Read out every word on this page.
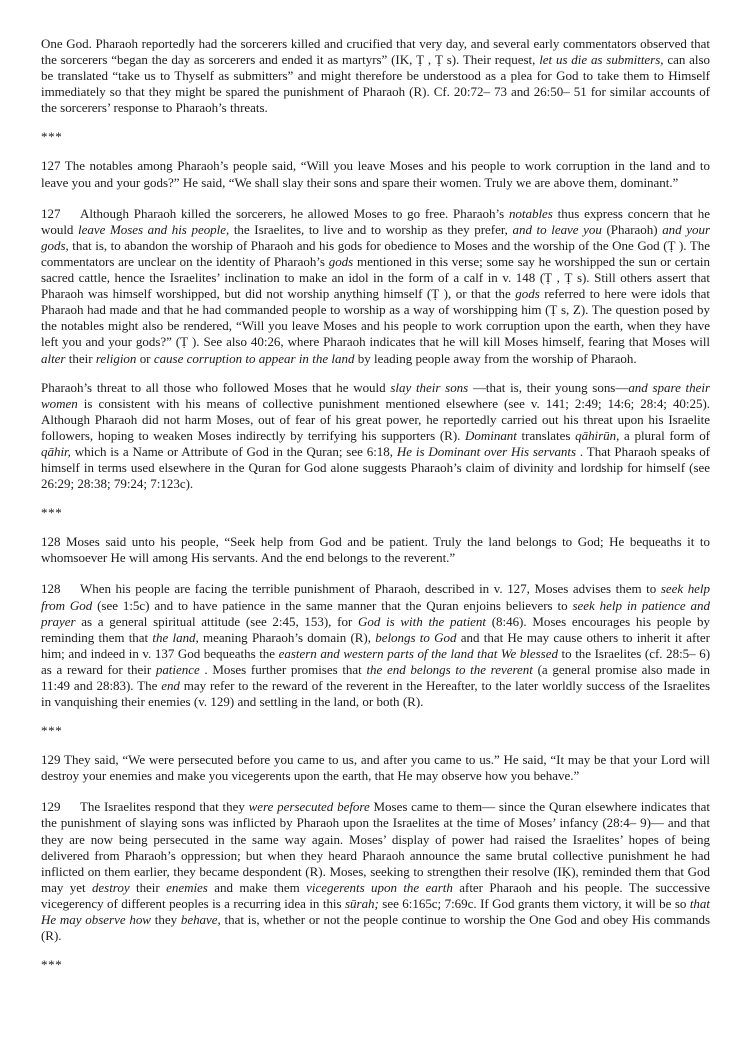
One God. Pharaoh reportedly had the sorcerers killed and crucified that very day, and several early commentators observed that the sorcerers “began the day as sorcerers and ended it as martyrs” (IK, Ṭ , Ṭ s). Their request, let us die as submitters, can also be translated “take us to Thyself as submitters” and might therefore be understood as a plea for God to take them to Himself immediately so that they might be spared the punishment of Pharaoh (R). Cf. 20:72– 73 and 26:50– 51 for similar accounts of the sorcerers’ response to Pharaoh’s threats.

***

127 The notables among Pharaoh’s people said, “Will you leave Moses and his people to work corruption in the land and to leave you and your gods?” He said, “We shall slay their sons and spare their women. Truly we are above them, dominant.”

127 Although Pharaoh killed the sorcerers, he allowed Moses to go free. Pharaoh’s notables thus express concern that he would leave Moses and his people, the Israelites, to live and to worship as they prefer, and to leave you (Pharaoh) and your gods, that is, to abandon the worship of Pharaoh and his gods for obedience to Moses and the worship of the One God (Ṭ ). The commentators are unclear on the identity of Pharaoh’s gods mentioned in this verse; some say he worshipped the sun or certain sacred cattle, hence the Israelites’ inclination to make an idol in the form of a calf in v. 148 (Ṭ , Ṭ s). Still others assert that Pharaoh was himself worshipped, but did not worship anything himself (Ṭ ), or that the gods referred to here were idols that Pharaoh had made and that he had commanded people to worship as a way of worshipping him (Ṭ s, Z). The question posed by the notables might also be rendered, “Will you leave Moses and his people to work corruption upon the earth, when they have left you and your gods?” (Ṭ ). See also 40:26, where Pharaoh indicates that he will kill Moses himself, fearing that Moses will alter their religion or cause corruption to appear in the land by leading people away from the worship of Pharaoh.

Pharaoh’s threat to all those who followed Moses that he would slay their sons —that is, their young sons—and spare their women is consistent with his means of collective punishment mentioned elsewhere (see v. 141; 2:49; 14:6; 28:4; 40:25). Although Pharaoh did not harm Moses, out of fear of his great power, he reportedly carried out his threat upon his Israelite followers, hoping to weaken Moses indirectly by terrifying his supporters (R). Dominant translates qāhirūn, a plural form of qāhir, which is a Name or Attribute of God in the Quran; see 6:18, He is Dominant over His servants . That Pharaoh speaks of himself in terms used elsewhere in the Quran for God alone suggests Pharaoh’s claim of divinity and lordship for himself (see 26:29; 28:38; 79:24; 7:123c).

***

128 Moses said unto his people, “Seek help from God and be patient. Truly the land belongs to God; He bequeaths it to whomsoever He will among His servants. And the end belongs to the reverent.”

128 When his people are facing the terrible punishment of Pharaoh, described in v. 127, Moses advises them to seek help from God (see 1:5c) and to have patience in the same manner that the Quran enjoins believers to seek help in patience and prayer as a general spiritual attitude (see 2:45, 153), for God is with the patient (8:46). Moses encourages his people by reminding them that the land, meaning Pharaoh’s domain (R), belongs to God and that He may cause others to inherit it after him; and indeed in v. 137 God bequeaths the eastern and western parts of the land that We blessed to the Israelites (cf. 28:5– 6) as a reward for their patience . Moses further promises that the end belongs to the reverent (a general promise also made in 11:49 and 28:83). The end may refer to the reward of the reverent in the Hereafter, to the later worldly success of the Israelites in vanquishing their enemies (v. 129) and settling in the land, or both (R).

***

129 They said, “We were persecuted before you came to us, and after you came to us.” He said, “It may be that your Lord will destroy your enemies and make you vicegerents upon the earth, that He may observe how you behave.”

129 The Israelites respond that they were persecuted before Moses came to them— since the Quran elsewhere indicates that the punishment of slaying sons was inflicted by Pharaoh upon the Israelites at the time of Moses’ infancy (28:4– 9)— and that they are now being persecuted in the same way again. Moses’ display of power had raised the Israelites’ hopes of being delivered from Pharaoh’s oppression; but when they heard Pharaoh announce the same brutal collective punishment he had inflicted on them earlier, they became despondent (R). Moses, seeking to strengthen their resolve (IḲ), reminded them that God may yet destroy their enemies and make them vicegerents upon the earth after Pharaoh and his people. The successive vicegerency of different peoples is a recurring idea in this sūrah; see 6:165c; 7:69c. If God grants them victory, it will be so that He may observe how they behave, that is, whether or not the people continue to worship the One God and obey His commands (R).

***
